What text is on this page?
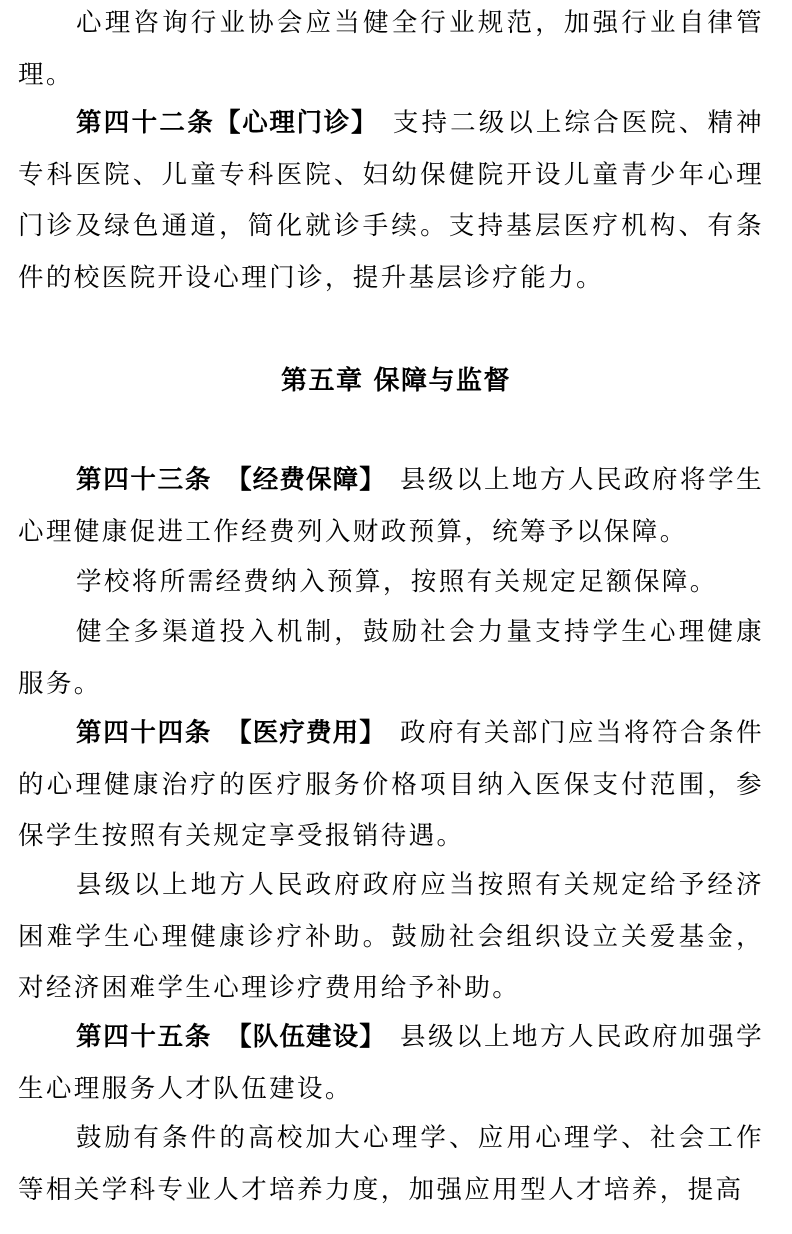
心理咨询行业协会应当健全行业规范，加强行业自律管理。

第四十二条【心理门诊】 支持二级以上综合医院、精神专科医院、儿童专科医院、妇幼保健院开设儿童青少年心理门诊及绿色通道，简化就诊手续。支持基层医疗机构、有条件的校医院开设心理门诊，提升基层诊疗能力。

第五章 保障与监督

第四十三条 【经费保障】 县级以上地方人民政府将学生心理健康促进工作经费列入财政预算，统筹予以保障。

学校将所需经费纳入预算，按照有关规定足额保障。

健全多渠道投入机制，鼓励社会力量支持学生心理健康服务。

第四十四条 【医疗费用】 政府有关部门应当将符合条件的心理健康治疗的医疗服务价格项目纳入医保支付范围，参保学生按照有关规定享受报销待遇。

县级以上地方人民政府政府应当按照有关规定给予经济困难学生心理健康诊疗补助。鼓励社会组织设立关爱基金，对经济困难学生心理诊疗费用给予补助。

第四十五条 【队伍建设】 县级以上地方人民政府加强学生心理服务人才队伍建设。

鼓励有条件的高校加大心理学、应用心理学、社会工作等相关学科专业人才培养力度，加强应用型人才培养，提高
